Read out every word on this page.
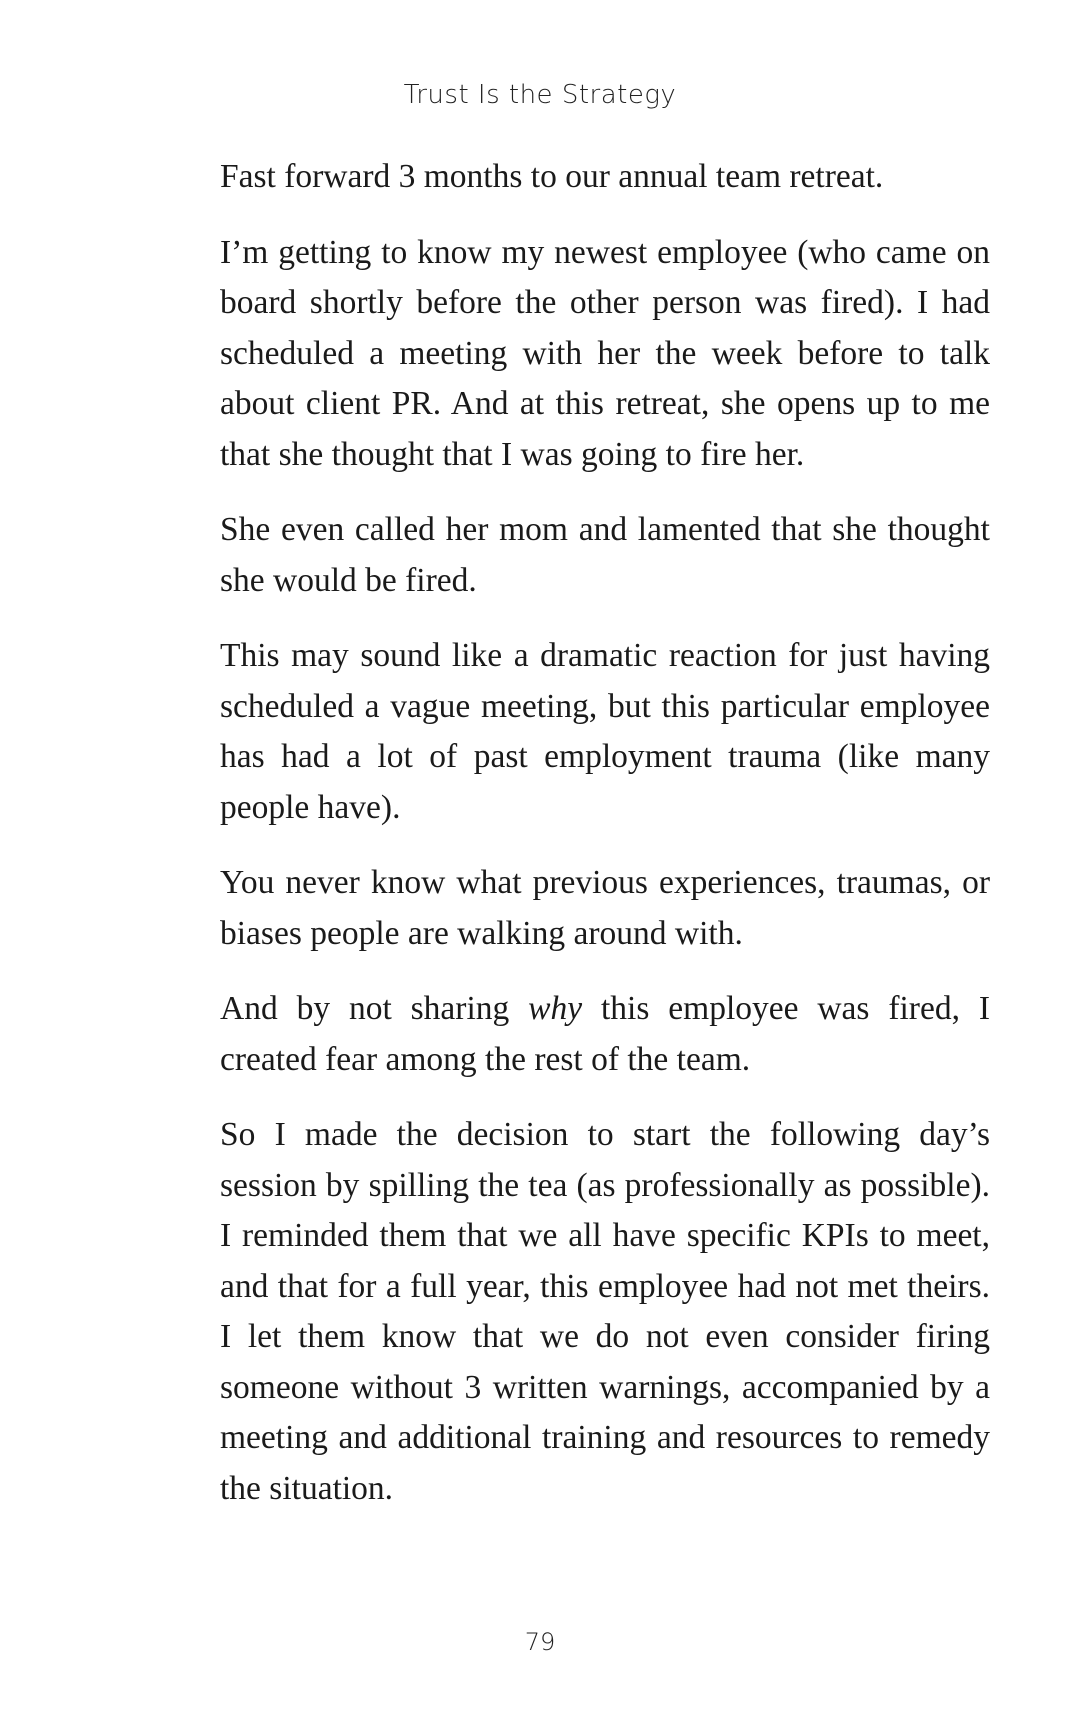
Trust Is the Strategy

Fast forward 3 months to our annual team retreat.

I’m getting to know my newest employee (who came on board shortly before the other person was fired). I had scheduled a meeting with her the week before to talk about client PR. And at this retreat, she opens up to me that she thought that I was going to fire her.

She even called her mom and lamented that she thought she would be fired.

This may sound like a dramatic reaction for just having scheduled a vague meeting, but this particular employee has had a lot of past employment trauma (like many people have).

You never know what previous experiences, traumas, or biases people are walking around with.

And by not sharing why this employee was fired, I created fear among the rest of the team.

So I made the decision to start the following day’s session by spilling the tea (as professionally as possible). I reminded them that we all have specific KPIs to meet, and that for a full year, this employee had not met theirs. I let them know that we do not even consider firing someone without 3 written warnings, accompanied by a meeting and additional training and resources to remedy the situation.

79
